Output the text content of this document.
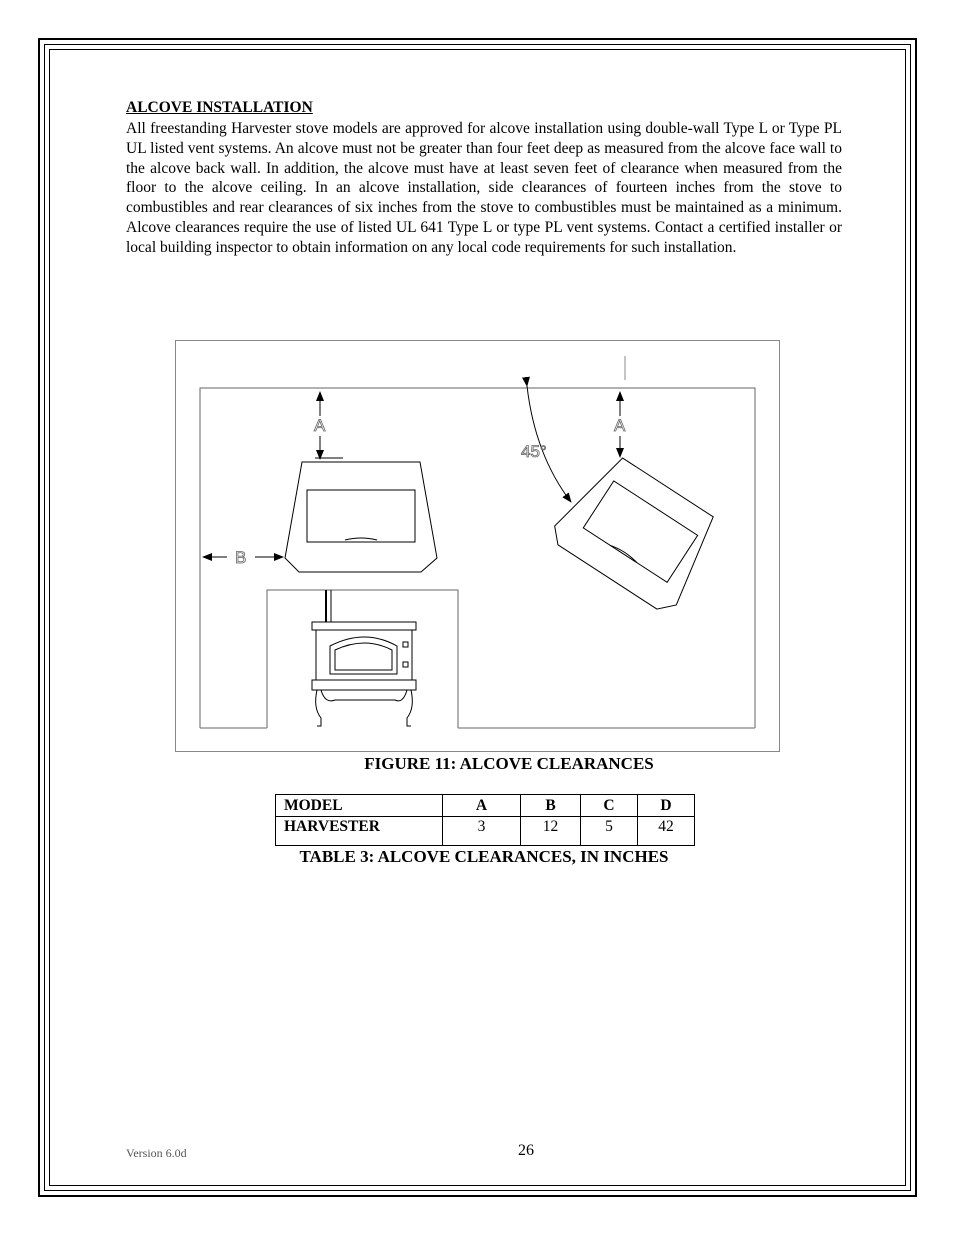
ALCOVE INSTALLATION

All freestanding Harvester stove models are approved for alcove installation using double-wall Type L or Type PL UL listed vent systems. An alcove must not be greater than four feet deep as measured from the alcove face wall to the alcove back wall. In addition, the alcove must have at least seven feet of clearance when measured from the floor to the alcove ceiling. In an alcove installation, side clearances of fourteen inches from the stove to combustibles and rear clearances of six inches from the stove to combustibles must be maintained as a minimum. Alcove clearances require the use of listed UL 641 Type L or type PL vent systems. Contact a certified installer or local building inspector to obtain information on any local code requirements for such installation.

A
B
45°
A
FIGURE 11: ALCOVE CLEARANCES
MODEL	A	B	C	D
HARVESTER	3	12	5	42
TABLE 3: ALCOVE CLEARANCES, IN INCHES
Version 6.0d	26
